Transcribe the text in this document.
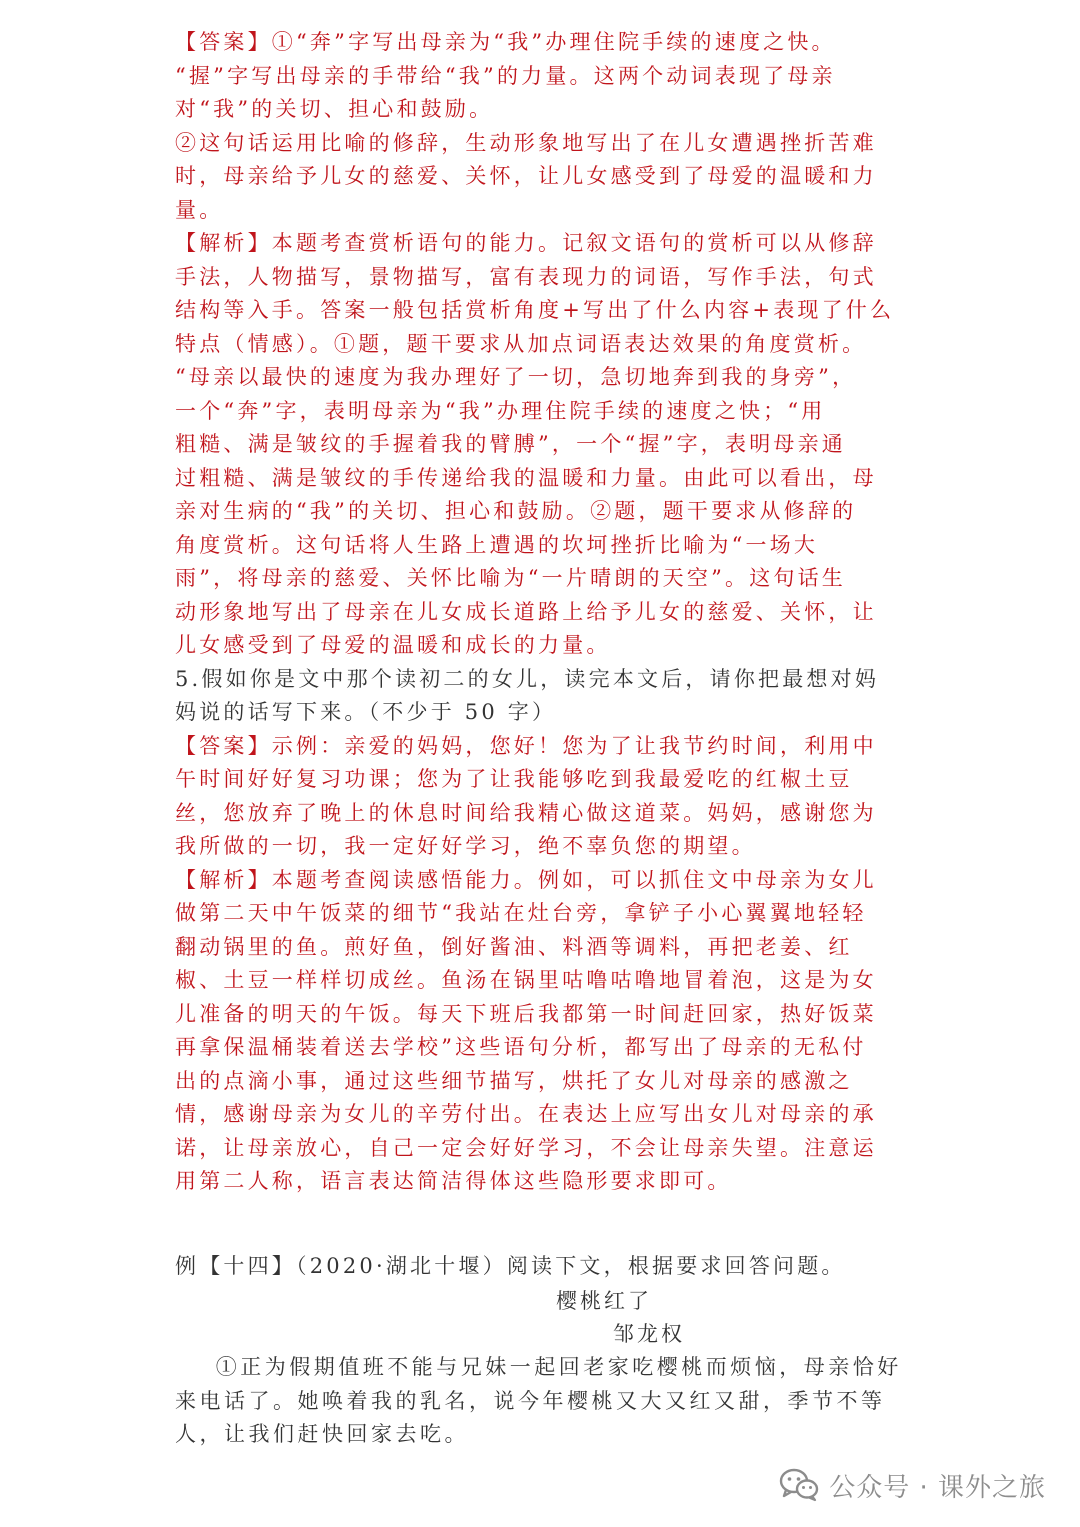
【答案】①“奔”字写出母亲为“我”办理住院手续的速度之快。
“握”字写出母亲的手带给“我”的力量。这两个动词表现了母亲
对“我”的关切、担心和鼓励。
②这句话运用比喻的修辞，生动形象地写出了在儿女遭遇挫折苦难
时，母亲给予儿女的慈爱、关怀，让儿女感受到了母爱的温暖和力
量。
【解析】本题考查赏析语句的能力。记叙文语句的赏析可以从修辞
手法，人物描写，景物描写，富有表现力的词语，写作手法，句式
结构等入手。答案一般包括赏析角度+写出了什么内容+表现了什么
特点（情感）。①题，题干要求从加点词语表达效果的角度赏析。
“母亲以最快的速度为我办理好了一切，急切地奔到我的身旁”，
一个“奔”字，表明母亲为“我”办理住院手续的速度之快；“用
粗糙、满是皱纹的手握着我的臂膊”，一个“握”字，表明母亲通
过粗糙、满是皱纹的手传递给我的温暖和力量。由此可以看出，母
亲对生病的“我”的关切、担心和鼓励。②题，题干要求从修辞的
角度赏析。这句话将人生路上遭遇的坎坷挫折比喻为“一场大
雨”，将母亲的慈爱、关怀比喻为“一片晴朗的天空”。这句话生
动形象地写出了母亲在儿女成长道路上给予儿女的慈爱、关怀，让
儿女感受到了母爱的温暖和成长的力量。
5.假如你是文中那个读初二的女儿，读完本文后，请你把最想对妈
妈说的话写下来。（不少于 50 字）
【答案】示例：亲爱的妈妈，您好！您为了让我节约时间，利用中
午时间好好复习功课；您为了让我能够吃到我最爱吃的红椒土豆
丝，您放弃了晚上的休息时间给我精心做这道菜。妈妈，感谢您为
我所做的一切，我一定好好学习，绝不辜负您的期望。
【解析】本题考查阅读感悟能力。例如，可以抓住文中母亲为女儿
做第二天中午饭菜的细节“我站在灶台旁，拿铲子小心翼翼地轻轻
翻动锅里的鱼。煎好鱼，倒好酱油、料酒等调料，再把老姜、红
椒、土豆一样样切成丝。鱼汤在锅里咕噜咕噜地冒着泡，这是为女
儿准备的明天的午饭。每天下班后我都第一时间赶回家，热好饭菜
再拿保温桶装着送去学校”这些语句分析，都写出了母亲的无私付
出的点滴小事，通过这些细节描写，烘托了女儿对母亲的感激之
情，感谢母亲为女儿的辛劳付出。在表达上应写出女儿对母亲的承
诺，让母亲放心，自己一定会好好学习，不会让母亲失望。注意运
用第二人称，语言表达简洁得体这些隐形要求即可。
例【十四】（2020·湖北十堰）阅读下文，根据要求回答问题。
樱桃红了
邹龙权
①正为假期值班不能与兄妹一起回老家吃樱桃而烦恼，母亲恰好
来电话了。她唤着我的乳名，说今年樱桃又大又红又甜，季节不等
人，让我们赶快回家去吃。
公众号 · 课外之旅
